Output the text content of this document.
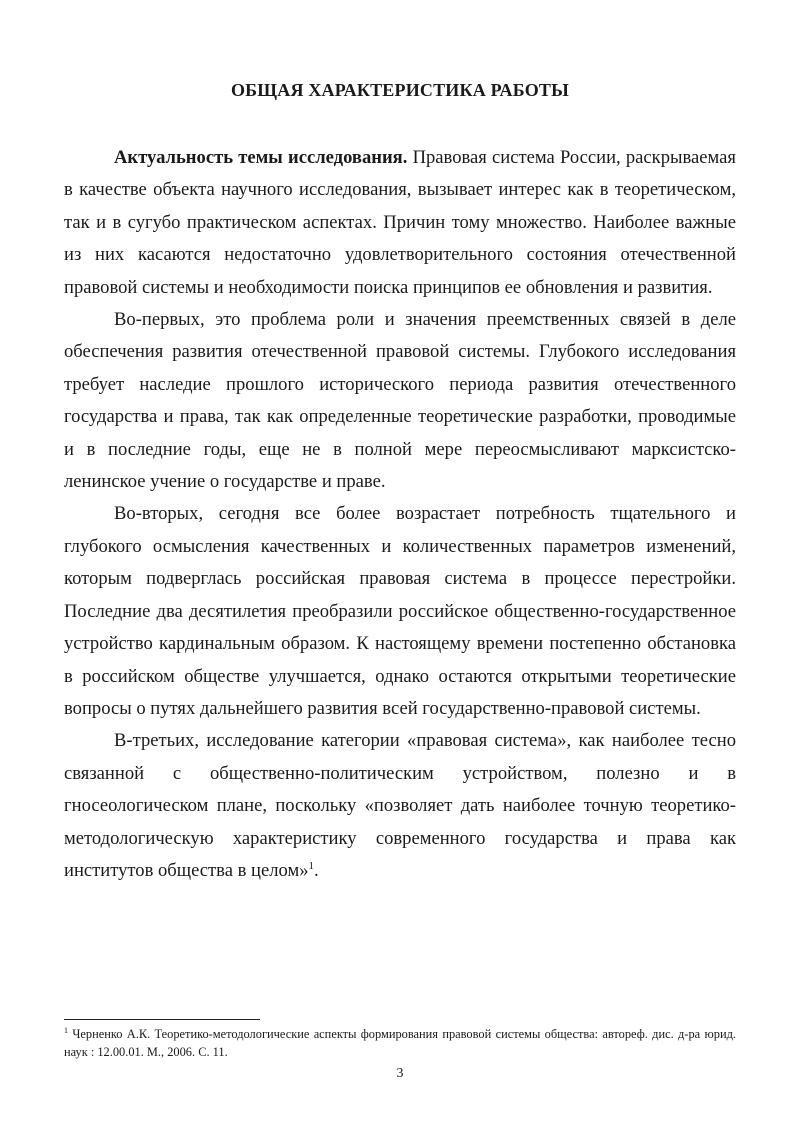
ОБЩАЯ ХАРАКТЕРИСТИКА РАБОТЫ

Актуальность темы исследования. Правовая система России, раскрываемая в качестве объекта научного исследования, вызывает интерес как в теоретическом, так и в сугубо практическом аспектах. Причин тому множество. Наиболее важные из них касаются недостаточно удовлетворительного состояния отечественной правовой системы и необходимости поиска принципов ее обновления и развития.

Во-первых, это проблема роли и значения преемственных связей в деле обеспечения развития отечественной правовой системы. Глубокого исследования требует наследие прошлого исторического периода развития отечественного государства и права, так как определенные теоретические разработки, проводимые и в последние годы, еще не в полной мере переосмысливают марксистско-ленинское учение о государстве и праве.

Во-вторых, сегодня все более возрастает потребность тщательного и глубокого осмысления качественных и количественных параметров изменений, которым подверглась российская правовая система в процессе перестройки. Последние два десятилетия преобразили российское общественно-государственное устройство кардинальным образом. К настоящему времени постепенно обстановка в российском обществе улучшается, однако остаются открытыми теоретические вопросы о путях дальнейшего развития всей государственно-правовой системы.

В-третьих, исследование категории «правовая система», как наиболее тесно связанной с общественно-политическим устройством, полезно и в гносеологическом плане, поскольку «позволяет дать наиболее точную теоретико-методологическую характеристику современного государства и права как институтов общества в целом»$^1$.

$^1$ Черненко А.К. Теоретико-методологические аспекты формирования правовой системы общества: автореф. дис. д-ра юрид. наук : 12.00.01. М., 2006. С. 11.
3
